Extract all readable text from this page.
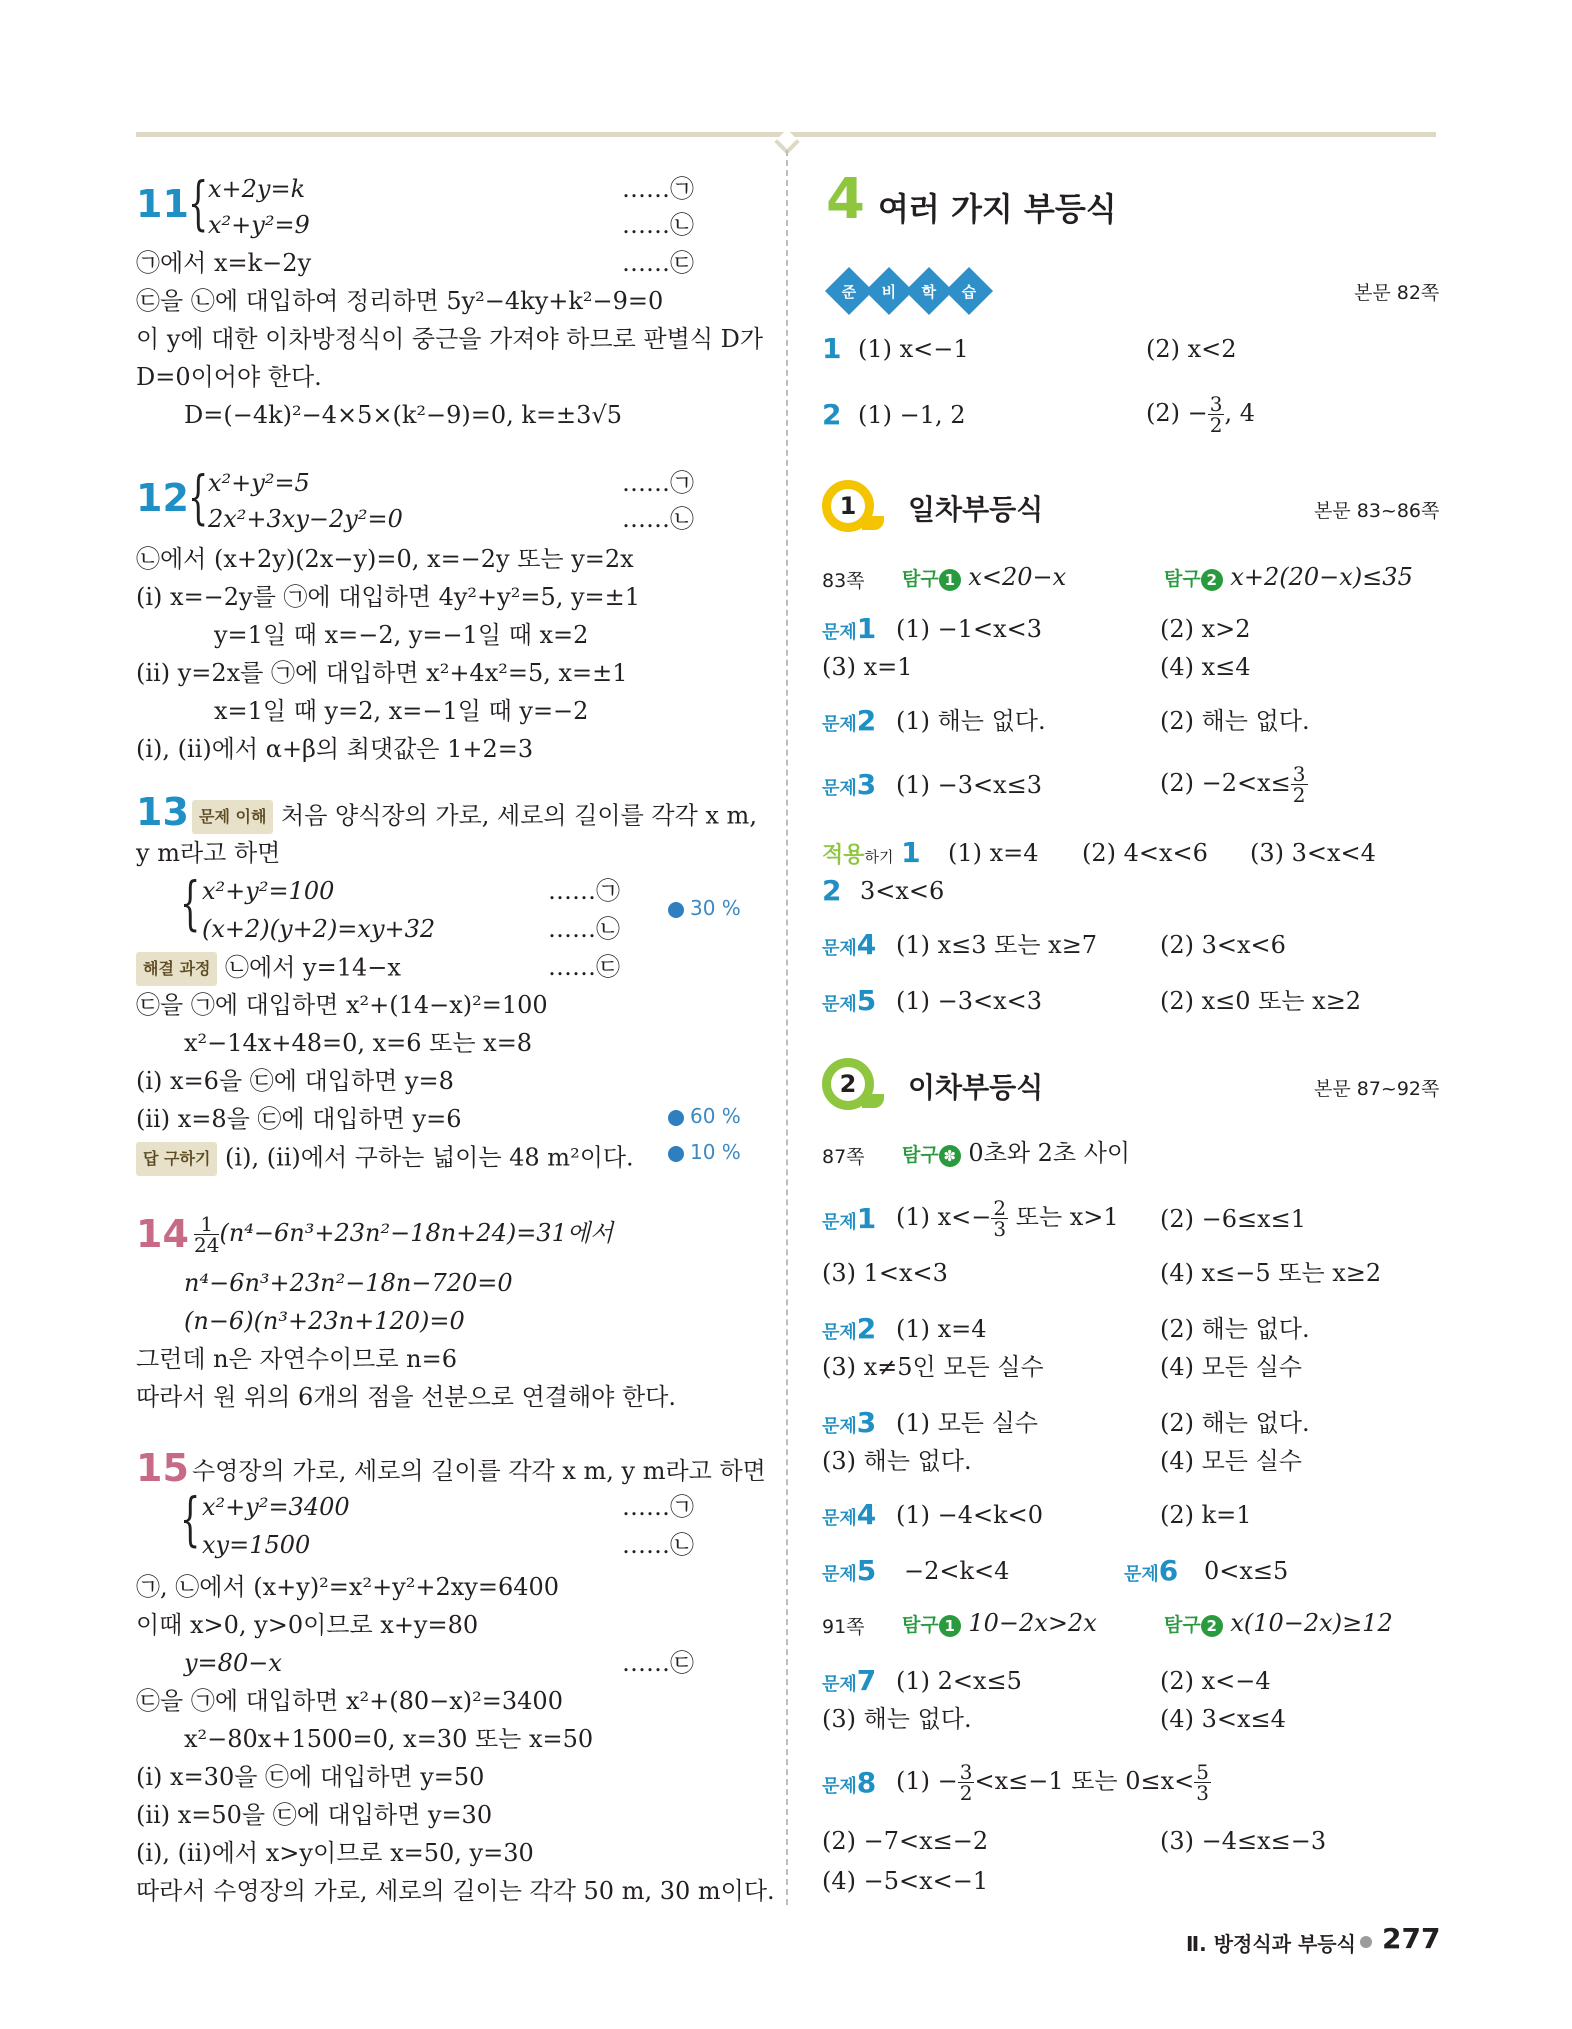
11 { x+2y=k
x²+y²=9
……㉠
……㉡
㉠에서 x=k−2y	……㉢
㉢을 ㉡에 대입하여 정리하면 5y²−4ky+k²−9=0
이 y에 대한 이차방정식이 중근을 가져야 하므로 판별식 D가
D=0이어야 한다.
D=(−4k)²−4×5×(k²−9)=0, k=±3√5
12 { x²+y²=5
2x²+3xy−2y²=0
……㉠
……㉡
㉡에서 (x+2y)(2x−y)=0, x=−2y 또는 y=2x
(ⅰ) x=−2y를 ㉠에 대입하면 4y²+y²=5, y=±1
y=1일 때 x=−2, y=−1일 때 x=2
(ⅱ) y=2x를 ㉠에 대입하면 x²+4x²=5, x=±1
x=1일 때 y=2, x=−1일 때 y=−2
(ⅰ), (ⅱ)에서 α+β의 최댓값은 1+2=3
13 문제 이해 처음 양식장의 가로, 세로의 길이를 각각 x m,
y m라고 하면
{ x²+y²=100
(x+2)(y+2)=xy+32
……㉠
……㉡
30 %
해결 과정 ㉡에서 y=14−x	……㉢
㉢을 ㉠에 대입하면 x²+(14−x)²=100
x²−14x+48=0, x=6 또는 x=8
(ⅰ) x=6을 ㉢에 대입하면 y=8
(ⅱ) x=8을 ㉢에 대입하면 y=6	60 %
답 구하기 (ⅰ), (ⅱ)에서 구하는 넓이는 48 m²이다.	10 %
$14 \frac{1}{24} (n^4-6n^3+23n^2-18n+24)=31$에서
n⁴−6n³+23n²−18n−720=0
(n−6)(n³+23n+120)=0
그런데 n은 자연수이므로 n=6
따라서 원 위의 6개의 점을 선분으로 연결해야 한다.
15 수영장의 가로, 세로의 길이를 각각 x m, y m라고 하면
{ x²+y²=3400
xy=1500
……㉠
……㉡
㉠, ㉡에서 (x+y)²=x²+y²+2xy=6400
이때 x>0, y>0이므로 x+y=80
y=80−x	……㉢
㉢을 ㉠에 대입하면 x²+(80−x)²=3400
x²−80x+1500=0, x=30 또는 x=50
(ⅰ) x=30을 ㉢에 대입하면 y=50
(ⅱ) x=50을 ㉢에 대입하면 y=30
(ⅰ), (ⅱ)에서 x>y이므로 x=50, y=30
따라서 수영장의 가로, 세로의 길이는 각각 50 m, 30 m이다.
4 여러 가지 부등식
준 비 학 습	본문 82쪽
1 (1) x<−1	(2) x<2
2 (1) −1, 2	$(2) - \frac{3}{2}$ , 4
1	일차부등식	본문 83~86쪽
83쪽 탐구 1 x<20−x	탐구 2 x+2(20−x)≤35
문제1 (1) −1<x<3	(2) x>2
(3) x=1	(4) x≤4
문제2 (1) 해는 없다.	(2) 해는 없다.
문제3 (1) −3<x≤3	$(2) -2<x\le \frac{3}{2}$
적용하기 1 (1) x=4 (2) 4<x<6 (3) 3<x<4
2 3<x<6
문제4 (1) x≤3 또는 x≥7	(2) 3<x<6
문제5 (1) −3<x<3	(2) x≤0 또는 x≥2
2	이차부등식	본문 87~92쪽
87쪽 탐구 ✽ 0초와 2초 사이
문제1 (1) $x<- \frac{2}{3}$ 또는 x>1 (2) −6≤x≤1
(3) 1<x<3	(4) x≤−5 또는 x≥2
문제2 (1) x=4	(2) 해는 없다.
(3) x≠5인 모든 실수	(4) 모든 실수
문제3 (1) 모든 실수	(2) 해는 없다.
(3) 해는 없다.	(4) 모든 실수
문제4 (1) −4<k<0	(2) k=1
문제5 −2<k<4	문제6 0<x≤5
91쪽 탐구 1 10−2x>2x	탐구 2 x(10−2x)≥12
문제7 (1) 2<x≤5	(2) x<−4
(3) 해는 없다.	(4) 3<x≤4
문제8 $(1) - \frac{3}{2} <x\le-1$ 또는 $0\le x< \frac{5}{3}$
(2) −7<x≤−2	(3) −4≤x≤−3
(4) −5<x<−1
Ⅱ. 방정식과 부등식 277
